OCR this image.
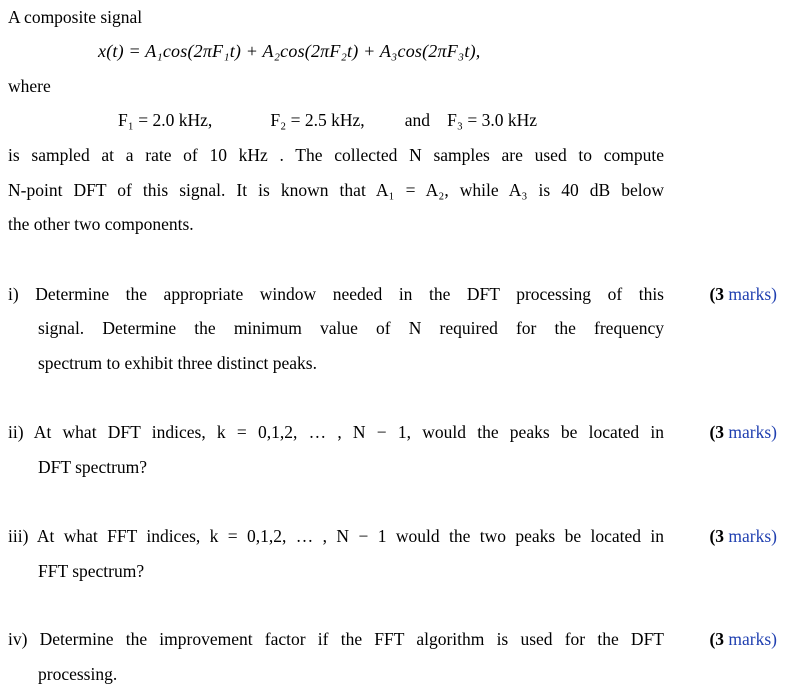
A composite signal
x(t) = A₁cos(2πF₁t) + A₂cos(2πF₂t) + A₃cos(2πF₃t),
where
F₁ = 2.0 kHz,	F₂ = 2.5 kHz, and F₃ = 3.0 kHz
is sampled at a rate of 10 kHz . The collected N samples are used to compute
N-point DFT of this signal. It is known that A₁ = A₂, while A₃ is 40 dB below
the other two components.
i) Determine the appropriate window needed in the DFT processing of this
signal. Determine the minimum value of N required for the frequency
spectrum to exhibit three distinct peaks.
(3 marks)
ii) At what DFT indices, k = 0,1,2, … , N − 1, would the peaks be located in
DFT spectrum?
(3 marks)
iii) At what FFT indices, k = 0,1,2, … , N − 1 would the two peaks be located in
FFT spectrum?
(3 marks)
iv) Determine the improvement factor if the FFT algorithm is used for the DFT
processing.
(3 marks)
